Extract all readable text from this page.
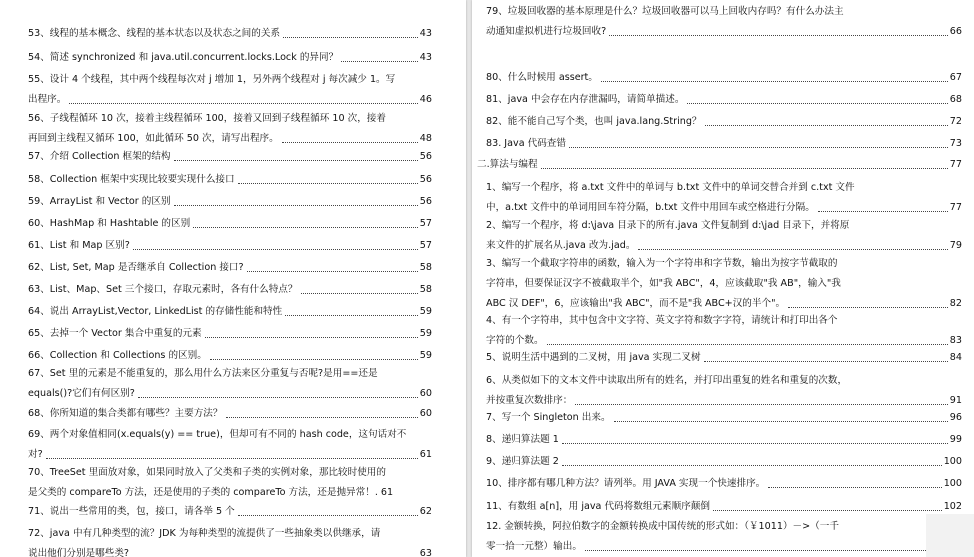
53、线程的基本概念、线程的基本状态以及状态之间的关系	43
54、简述 synchronized 和 java.util.concurrent.locks.Lock 的异同？	43
55、设计 4 个线程，其中两个线程每次对 j 增加 1，另外两个线程对 j 每次减少 1。写
出程序。	46
56、子线程循环 10 次，接着主线程循环 100，接着又回到子线程循环 10 次，接着
再回到主线程又循环 100，如此循环 50 次，请写出程序。	48
57、介绍 Collection 框架的结构	56
58、Collection 框架中实现比较要实现什么接口	56
59、ArrayList 和 Vector 的区别	56
60、HashMap 和 Hashtable 的区别	57
61、List 和 Map 区别?	57
62、List, Set, Map 是否继承自 Collection 接口?	58
63、List、Map、Set 三个接口，存取元素时，各有什么特点？	58
64、说出 ArrayList,Vector, LinkedList 的存储性能和特性	59
65、去掉一个 Vector 集合中重复的元素	59
66、Collection 和 Collections 的区别。	59
67、Set 里的元素是不能重复的，那么用什么方法来区分重复与否呢?是用==还是
equals()?它们有何区别?	60
68、你所知道的集合类都有哪些？主要方法？	60
69、两个对象值相同(x.equals(y) == true)，但却可有不同的 hash code，这句话对不
对?	61
70、TreeSet 里面放对象，如果同时放入了父类和子类的实例对象，那比较时使用的
是父类的 compareTo 方法，还是使用的子类的 compareTo 方法，还是抛异常！. 61
71、说出一些常用的类，包，接口，请各举 5 个	62
72、java 中有几种类型的流？JDK 为每种类型的流提供了一些抽象类以供继承，请
说出他们分别是哪些类?	63
79、垃圾回收器的基本原理是什么？垃圾回收器可以马上回收内存吗？有什么办法主
动通知虚拟机进行垃圾回收?	66
80、什么时候用 assert。	67
81、java 中会存在内存泄漏吗，请简单描述。	68
82、能不能自己写个类，也叫 java.lang.String？	72
83. Java 代码查错	73
二.算法与编程	77
1、编写一个程序，将 a.txt 文件中的单词与 b.txt 文件中的单词交替合并到 c.txt 文件
中，a.txt 文件中的单词用回车符分隔，b.txt 文件中用回车或空格进行分隔。	77
2、编写一个程序，将 d:\java 目录下的所有.java 文件复制到 d:\jad 目录下，并将原
来文件的扩展名从.java 改为.jad。	79
3、编写一个截取字符串的函数，输入为一个字符串和字节数，输出为按字节截取的
字符串，但要保证汉字不被截取半个，如"我 ABC"，4，应该截取"我 AB"，输入"我
ABC 汉 DEF"，6，应该输出"我 ABC"，而不是"我 ABC+汉的半个"。	82
4、有一个字符串，其中包含中文字符、英文字符和数字字符，请统计和打印出各个
字符的个数。	83
5、说明生活中遇到的二叉树，用 java 实现二叉树	84
6、从类似如下的文本文件中读取出所有的姓名，并打印出重复的姓名和重复的次数，
并按重复次数排序：	91
7、写一个 Singleton 出来。	96
8、递归算法题 1	99
9、递归算法题 2	100
10、排序都有哪几种方法？请列举。用 JAVA 实现一个快速排序。	100
11、有数组 a[n]，用 java 代码将数组元素顺序颠倒	102
12. 金额转换，阿拉伯数字的金额转换成中国传统的形式如：（￥1011）－>（一千
零一拾一元整）输出。
